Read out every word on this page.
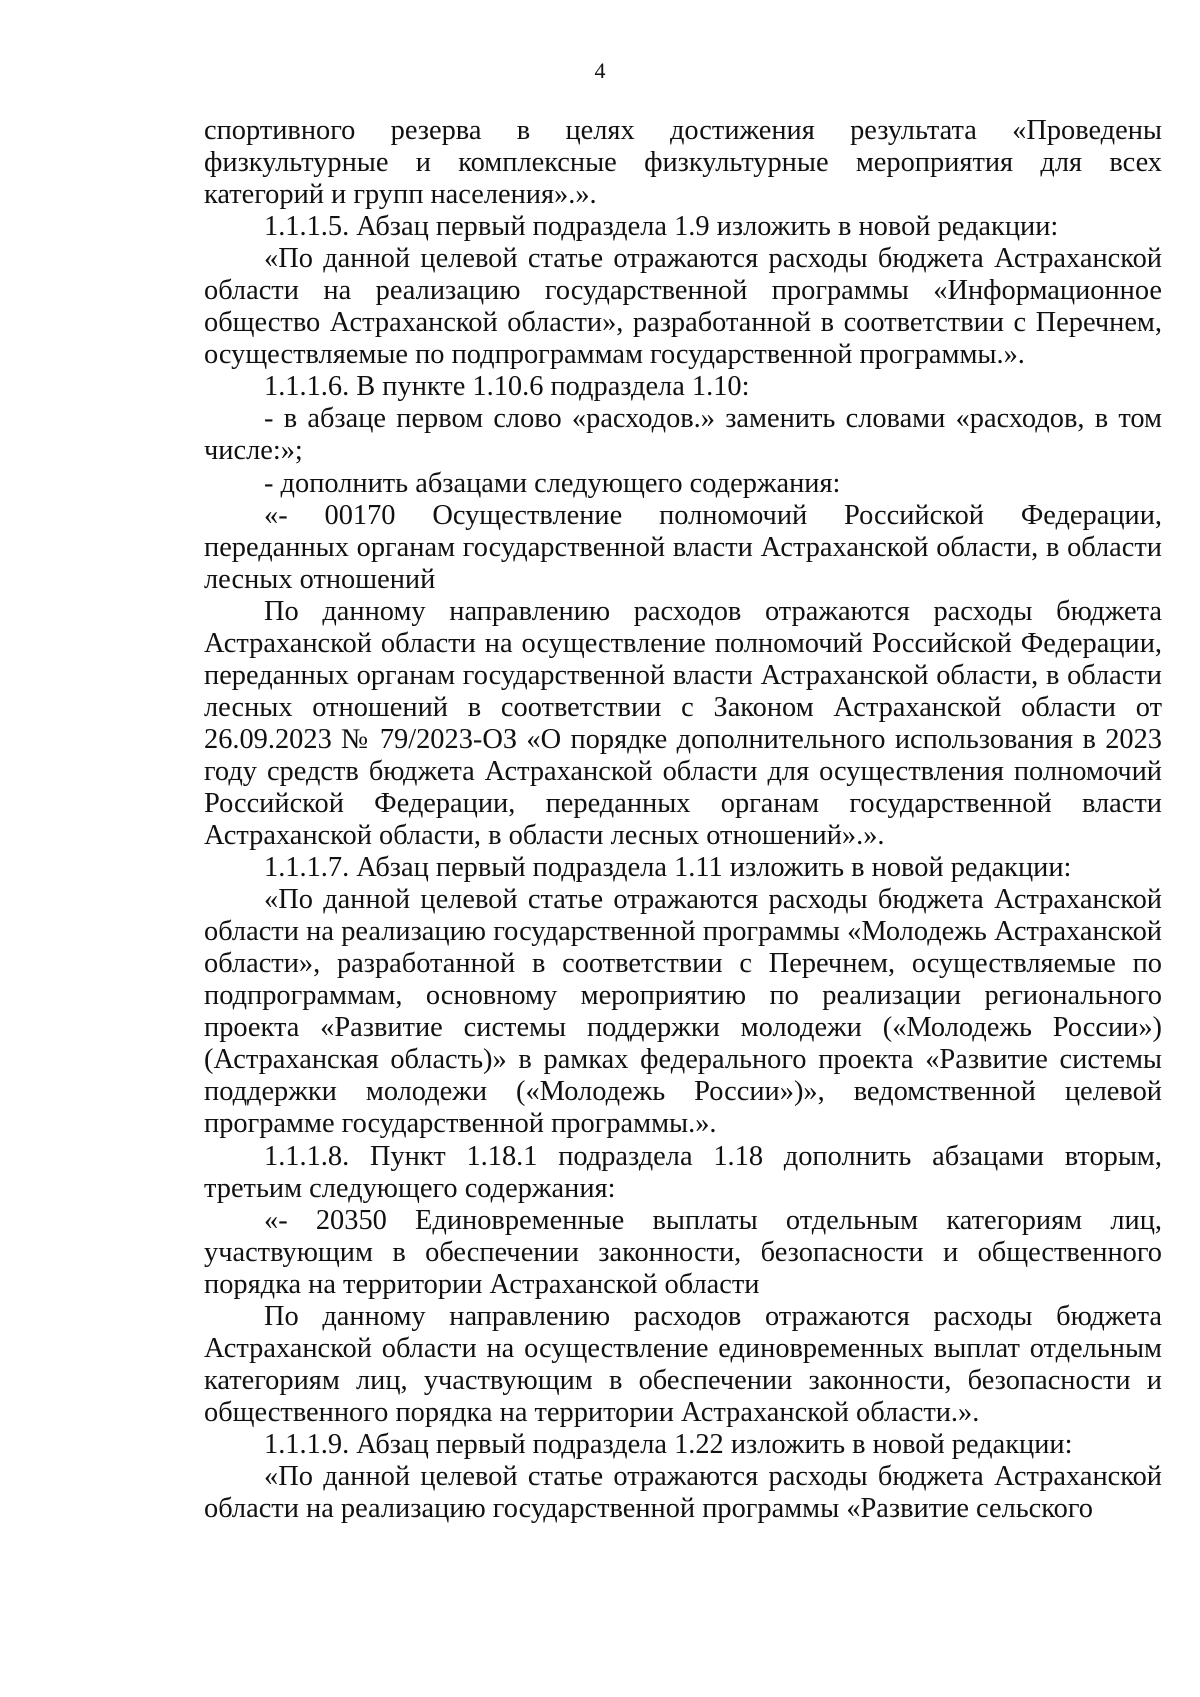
4

спортивного резерва в целях достижения результата «Проведены физкультурные и комплексные физкультурные мероприятия для всех категорий и групп населения».».

1.1.1.5. Абзац первый подраздела 1.9 изложить в новой редакции:

«По данной целевой статье отражаются расходы бюджета Астраханской области на реализацию государственной программы «Информационное общество Астраханской области», разработанной в соответствии с Перечнем, осуществляемые по подпрограммам государственной программы.».

1.1.1.6. В пункте 1.10.6 подраздела 1.10:

- в абзаце первом слово «расходов.» заменить словами «расходов, в том числе:»;

- дополнить абзацами следующего содержания:

«- 00170 Осуществление полномочий Российской Федерации, переданных органам государственной власти Астраханской области, в области лесных отношений

По данному направлению расходов отражаются расходы бюджета Астраханской области на осуществление полномочий Российской Федерации, переданных органам государственной власти Астраханской области, в области лесных отношений в соответствии с Законом Астраханской области от 26.09.2023 № 79/2023-ОЗ «О порядке дополнительного использования в 2023 году средств бюджета Астраханской области для осуществления полномочий Российской Федерации, переданных органам государственной власти Астраханской области, в области лесных отношений».».

1.1.1.7. Абзац первый подраздела 1.11 изложить в новой редакции:

«По данной целевой статье отражаются расходы бюджета Астраханской области на реализацию государственной программы «Молодежь Астраханской области», разработанной в соответствии с Перечнем, осуществляемые по подпрограммам, основному мероприятию по реализации регионального проекта «Развитие системы поддержки молодежи («Молодежь России») (Астраханская область)» в рамках федерального проекта «Развитие системы поддержки молодежи («Молодежь России»)», ведомственной целевой программе государственной программы.».

1.1.1.8. Пункт 1.18.1 подраздела 1.18 дополнить абзацами вторым, третьим следующего содержания:

«- 20350 Единовременные выплаты отдельным категориям лиц, участвующим в обеспечении законности, безопасности и общественного порядка на территории Астраханской области

По данному направлению расходов отражаются расходы бюджета Астраханской области на осуществление единовременных выплат отдельным категориям лиц, участвующим в обеспечении законности, безопасности и общественного порядка на территории Астраханской области.».

1.1.1.9. Абзац первый подраздела 1.22 изложить в новой редакции:

«По данной целевой статье отражаются расходы бюджета Астраханской области на реализацию государственной программы «Развитие сельского
